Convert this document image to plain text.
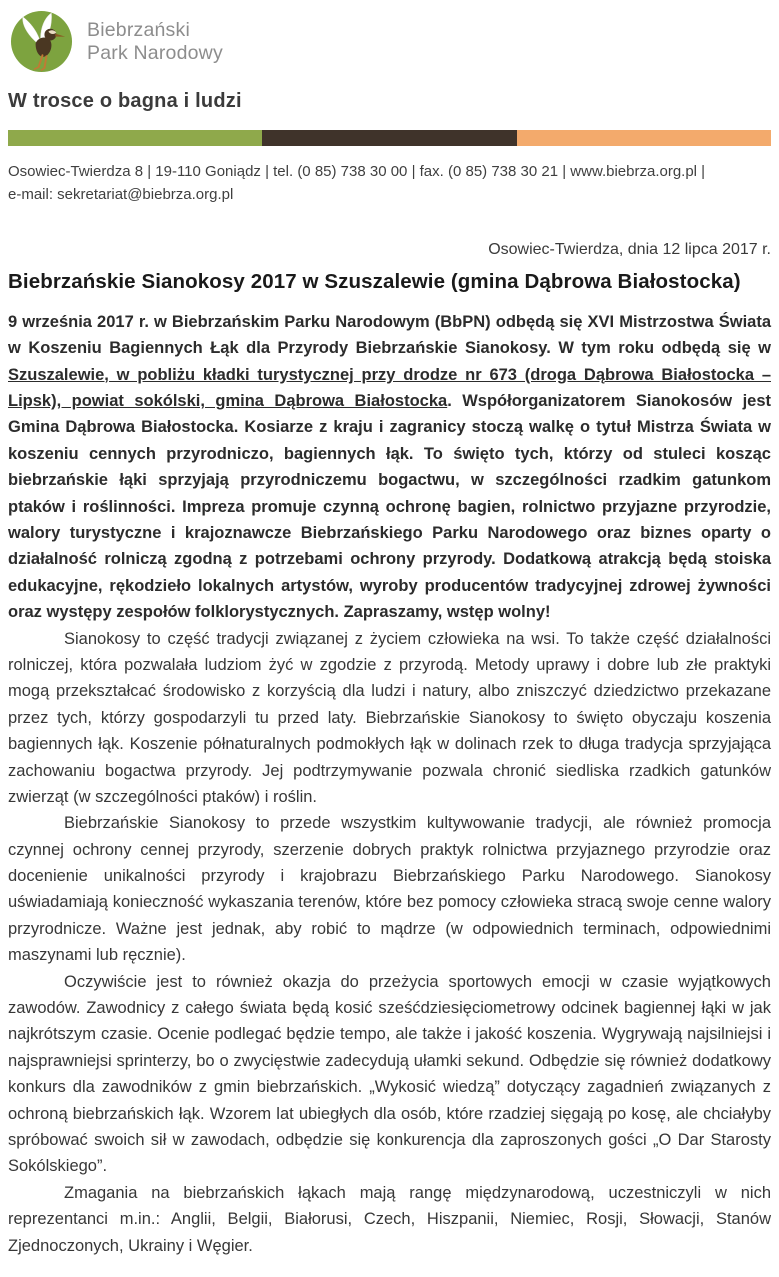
Biebrzański
Park Narodowy
W trosce o bagna i ludzi
Osowiec-Twierdza 8 | 19-110 Goniądz | tel. (0 85) 738 30 00 | fax. (0 85) 738 30 21 | www.biebrza.org.pl |
e-mail: sekretariat@biebrza.org.pl
Osowiec-Twierdza, dnia 12 lipca 2017 r.
Biebrzańskie Sianokosy 2017 w Szuszalewie (gmina Dąbrowa Białostocka)

9 września 2017 r. w Biebrzańskim Parku Narodowym (BbPN) odbędą się XVI Mistrzostwa Świata w Koszeniu Bagiennych Łąk dla Przyrody Biebrzańskie Sianokosy. W tym roku odbędą się w Szuszalewie, w pobliżu kładki turystycznej przy drodze nr 673 (droga Dąbrowa Białostocka – Lipsk), powiat sokólski, gmina Dąbrowa Białostocka. Współorganizatorem Sianokosów jest Gmina Dąbrowa Białostocka. Kosiarze z kraju i zagranicy stoczą walkę o tytuł Mistrza Świata w koszeniu cennych przyrodniczo, bagiennych łąk. To święto tych, którzy od stuleci kosząc biebrzańskie łąki sprzyjają przyrodniczemu bogactwu, w szczególności rzadkim gatunkom ptaków i roślinności. Impreza promuje czynną ochronę bagien, rolnictwo przyjazne przyrodzie, walory turystyczne i krajoznawcze Biebrzańskiego Parku Narodowego oraz biznes oparty o działalność rolniczą zgodną z potrzebami ochrony przyrody. Dodatkową atrakcją będą stoiska edukacyjne, rękodzieło lokalnych artystów, wyroby producentów tradycyjnej zdrowej żywności oraz występy zespołów folklorystycznych. Zapraszamy, wstęp wolny!

Sianokosy to część tradycji związanej z życiem człowieka na wsi. To także część działalności rolniczej, która pozwalała ludziom żyć w zgodzie z przyrodą. Metody uprawy i dobre lub złe praktyki mogą przekształcać środowisko z korzyścią dla ludzi i natury, albo zniszczyć dziedzictwo przekazane przez tych, którzy gospodarzyli tu przed laty. Biebrzańskie Sianokosy to święto obyczaju koszenia bagiennych łąk. Koszenie półnaturalnych podmokłych łąk w dolinach rzek to długa tradycja sprzyjająca zachowaniu bogactwa przyrody. Jej podtrzymywanie pozwala chronić siedliska rzadkich gatunków zwierząt (w szczególności ptaków) i roślin.

Biebrzańskie Sianokosy to przede wszystkim kultywowanie tradycji, ale również promocja czynnej ochrony cennej przyrody, szerzenie dobrych praktyk rolnictwa przyjaznego przyrodzie oraz docenienie unikalności przyrody i krajobrazu Biebrzańskiego Parku Narodowego. Sianokosy uświadamiają konieczność wykaszania terenów, które bez pomocy człowieka stracą swoje cenne walory przyrodnicze. Ważne jest jednak, aby robić to mądrze (w odpowiednich terminach, odpowiednimi maszynami lub ręcznie).

Oczywiście jest to również okazja do przeżycia sportowych emocji w czasie wyjątkowych zawodów. Zawodnicy z całego świata będą kosić sześćdziesięciometrowy odcinek bagiennej łąki w jak najkrótszym czasie. Ocenie podlegać będzie tempo, ale także i jakość koszenia. Wygrywają najsilniejsi i najsprawniejsi sprinterzy, bo o zwycięstwie zadecydują ułamki sekund. Odbędzie się również dodatkowy konkurs dla zawodników z gmin biebrzańskich. „Wykosić wiedzą” dotyczący zagadnień związanych z ochroną biebrzańskich łąk. Wzorem lat ubiegłych dla osób, które rzadziej sięgają po kosę, ale chciałyby spróbować swoich sił w zawodach, odbędzie się konkurencja dla zaproszonych gości „O Dar Starosty Sokólskiego”.

Zmagania na biebrzańskich łąkach mają rangę międzynarodową, uczestniczyli w nich reprezentanci m.in.: Anglii, Belgii, Białorusi, Czech, Hiszpanii, Niemiec, Rosji, Słowacji, Stanów Zjednoczonych, Ukrainy i Węgier.
